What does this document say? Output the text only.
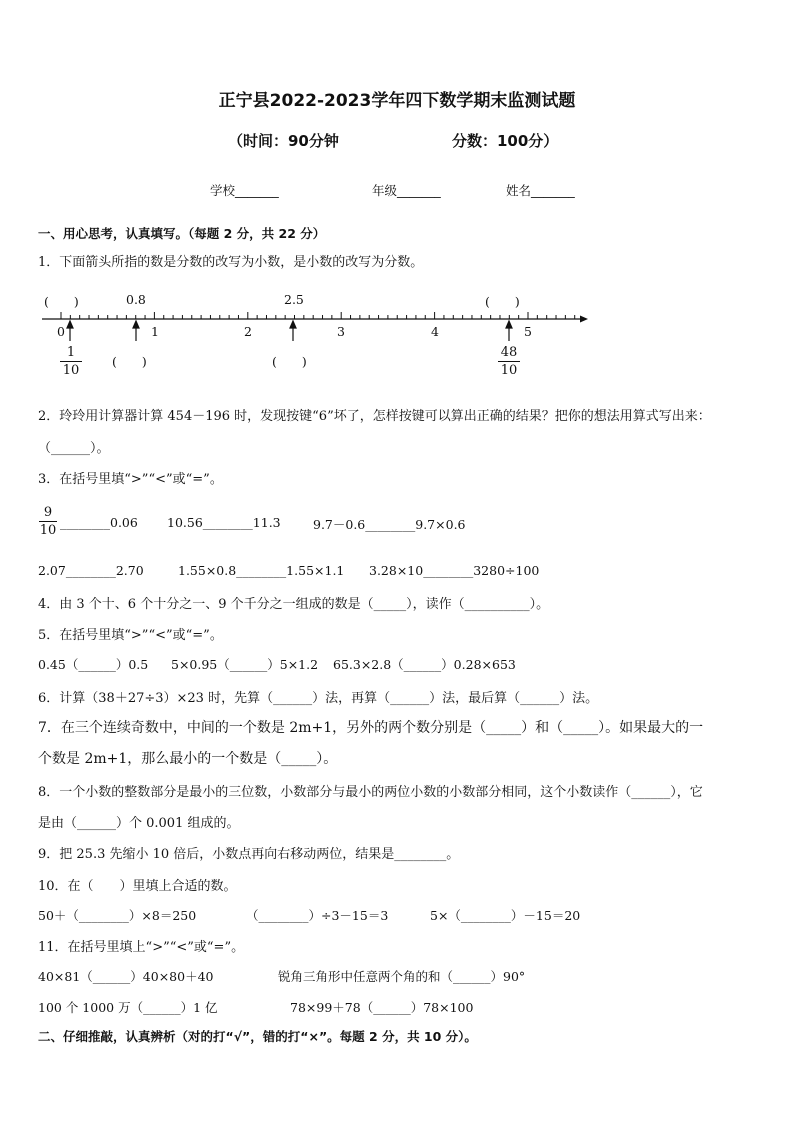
正宁县2022-2023学年四下数学期末监测试题
（时间：90分钟	分数：100分）
学校_______	年级_______	姓名_______
一、用心思考，认真填写。（每题 2 分，共 22 分）
1．下面箭头所指的数是分数的改写为小数，是小数的改写为分数。
(　　)	0.8	2.5	(　　)
0	1	2	3	4	5
1
10
48
10
(　　)	(　　)
2．玲玲用计算器计算 454－196 时，发现按键“6”坏了，怎样按键可以算出正确的结果？把你的想法用算式写出来：
（______）。
3．在括号里填“>”“<”或“=”。
9
10
________0.06 10.56________11.3	9.7－0.6________9.7×0.6
2.07________2.70	1.55×0.8________1.55×1.1 3.28×10________3280÷100
4．由 3 个十、6 个十分之一、9 个千分之一组成的数是（_____），读作（__________）。
5．在括号里填“>”“<”或“=”。
0.45（______）0.5 5×0.95（______）5×1.2 65.3×2.8（______）0.28×653
6．计算（38＋27÷3）×23 时，先算（______）法，再算（______）法，最后算（______）法。
7．在三个连续奇数中，中间的一个数是 2m+1，另外的两个数分别是（_____）和（_____）。如果最大的一
个数是 2m+1，那么最小的一个数是（_____）。
8．一个小数的整数部分是最小的三位数，小数部分与最小的两位小数的小数部分相同，这个小数读作（______），它
是由（______）个 0.001 组成的。
9．把 25.3 先缩小 10 倍后，小数点再向右移动两位，结果是________。
10．在（　　）里填上合适的数。
50＋（________）×8＝250	（________）÷3－15＝3	5×（________）－15＝20
11．在括号里填上“>”“<”或“=”。
40×81（______）40×80＋40	锐角三角形中任意两个角的和（______）90°
100 个 1000 万（______）1 亿	78×99＋78（______）78×100
二、仔细推敲，认真辨析（对的打“√”，错的打“×”。每题 2 分，共 10 分）。
